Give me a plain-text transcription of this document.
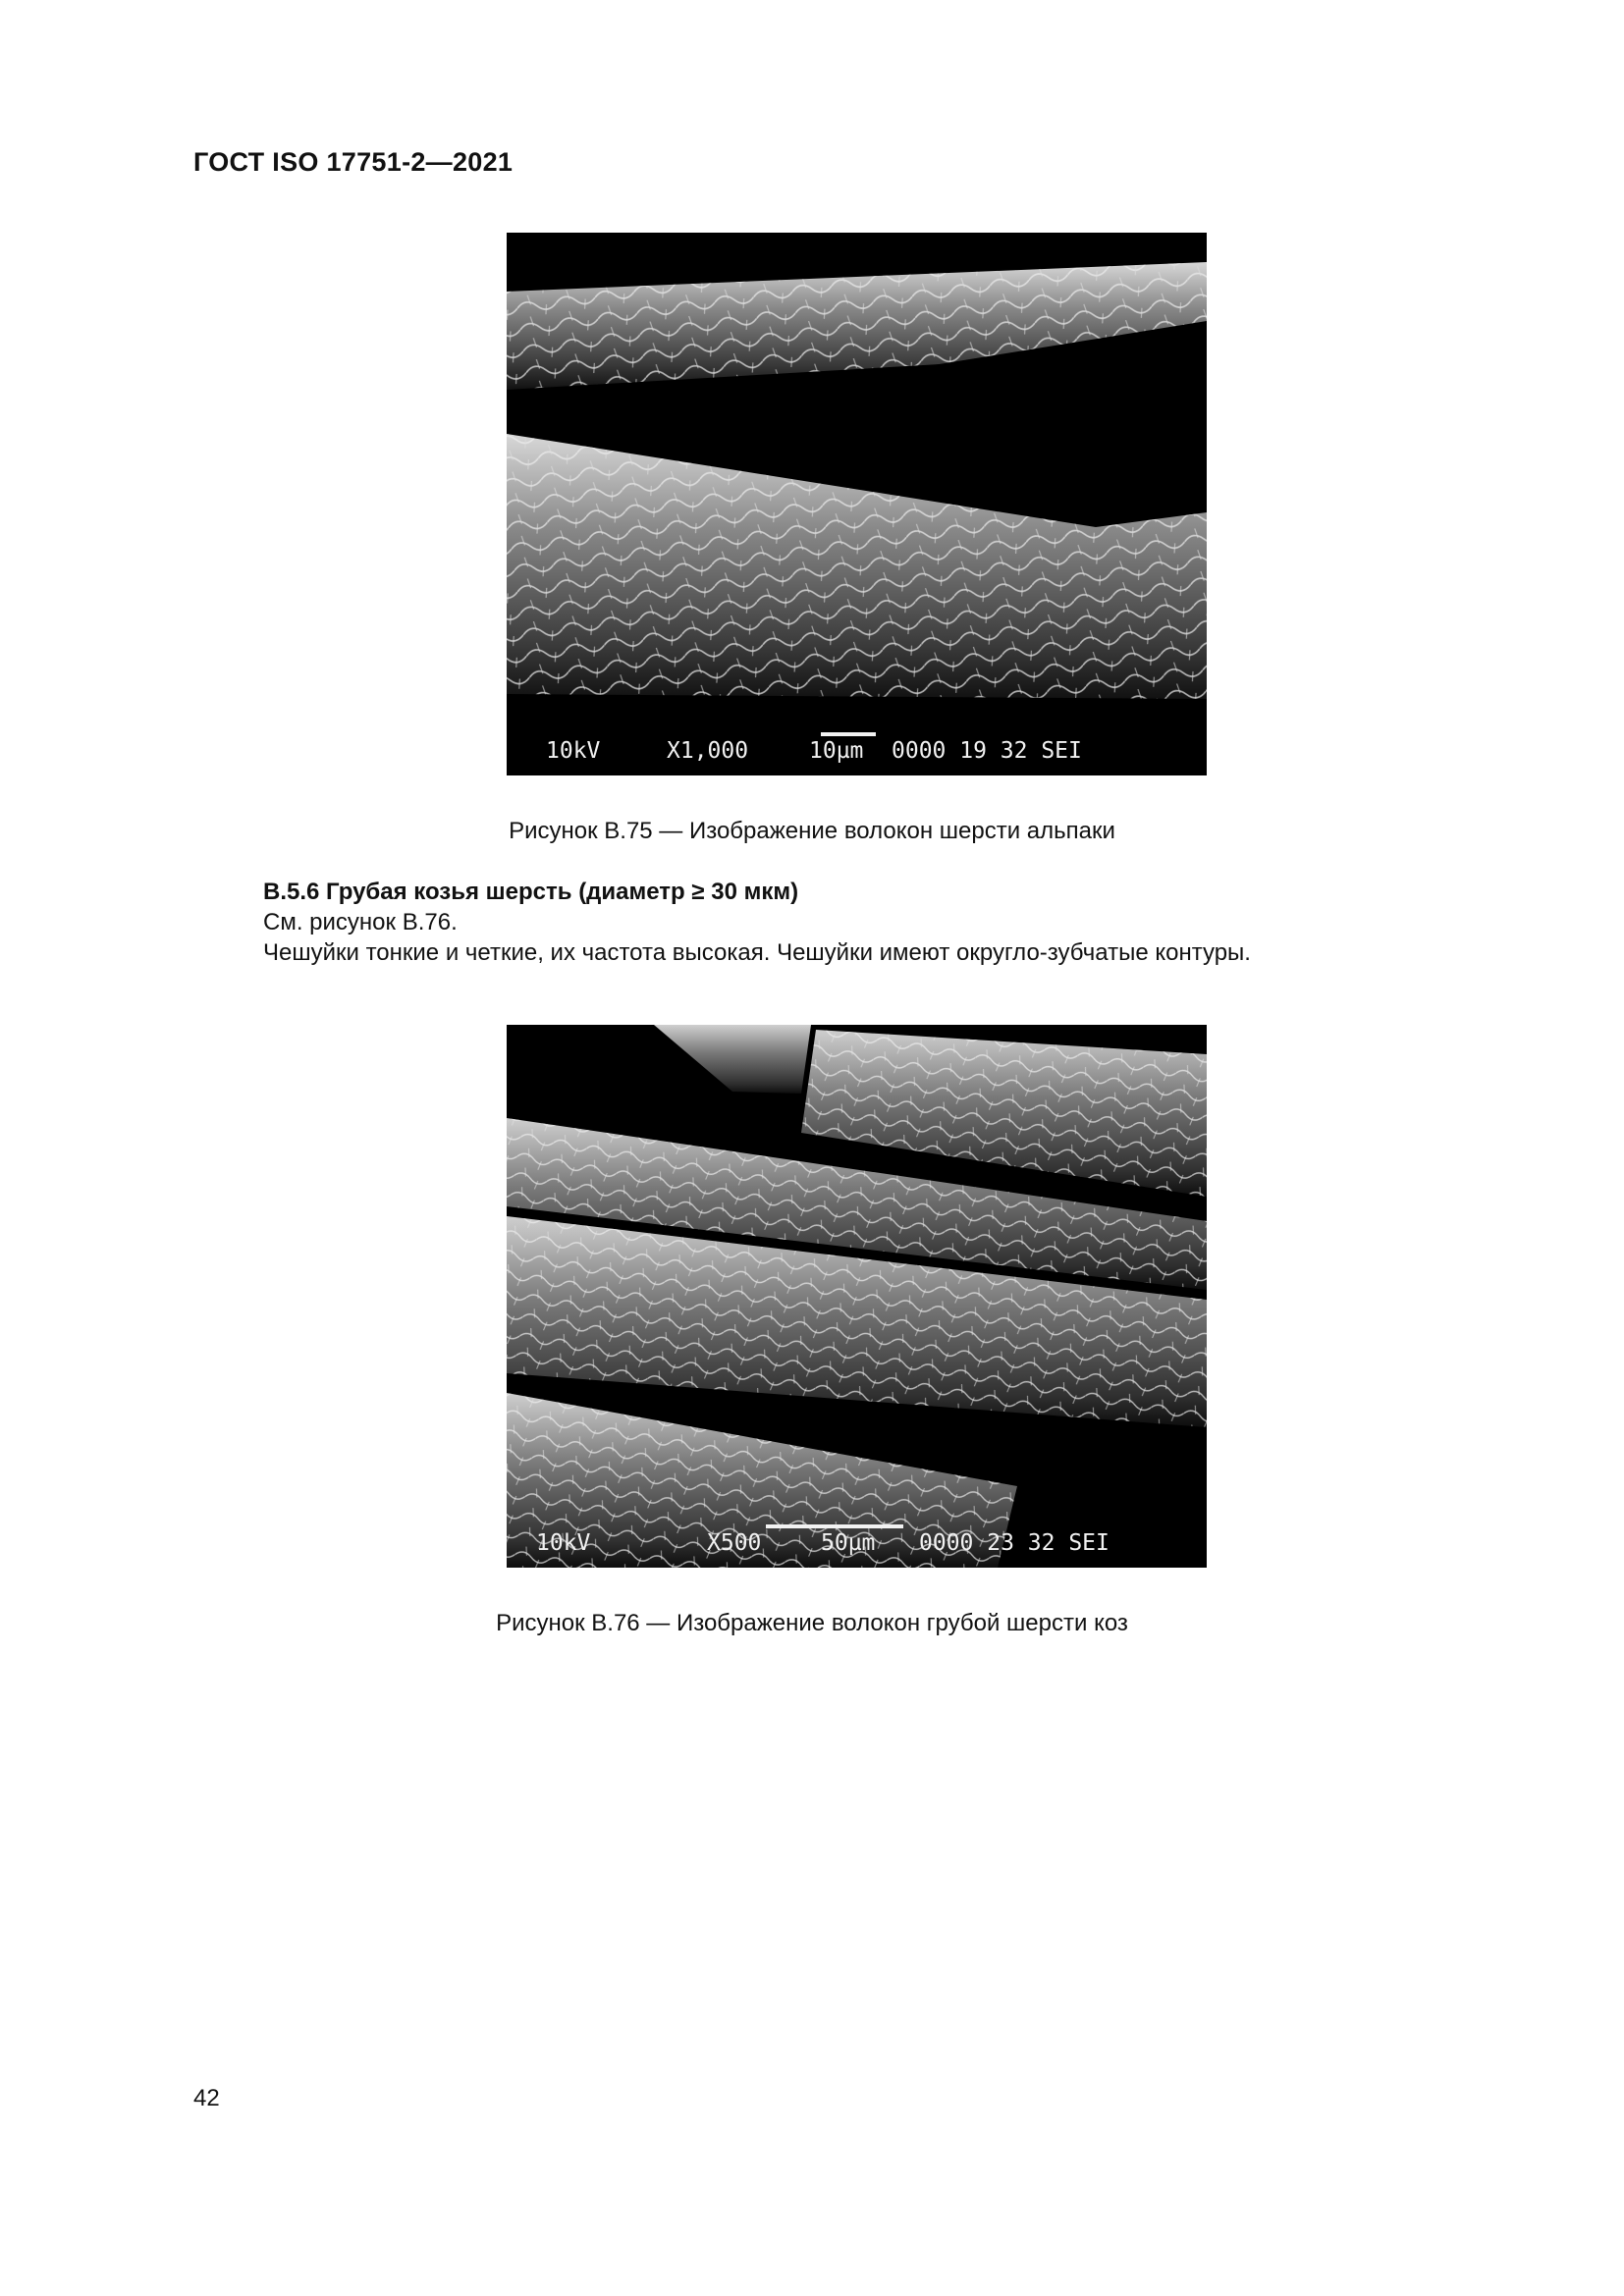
ГОСТ ISO 17751-2—2021
10kV	X1,000	10µm 0000 19 32 SEI
Рисунок B.75 — Изображение волокон шерсти альпаки
B.5.6 Грубая козья шерсть (диаметр ≥ 30 мкм)
См. рисунок B.76.
Чешуйки тонкие и четкие, их частота высокая. Чешуйки имеют округло-зубчатые контуры.
10kV	X500	50µm 0000 23 32 SEI
Рисунок B.76 — Изображение волокон грубой шерсти коз
42
